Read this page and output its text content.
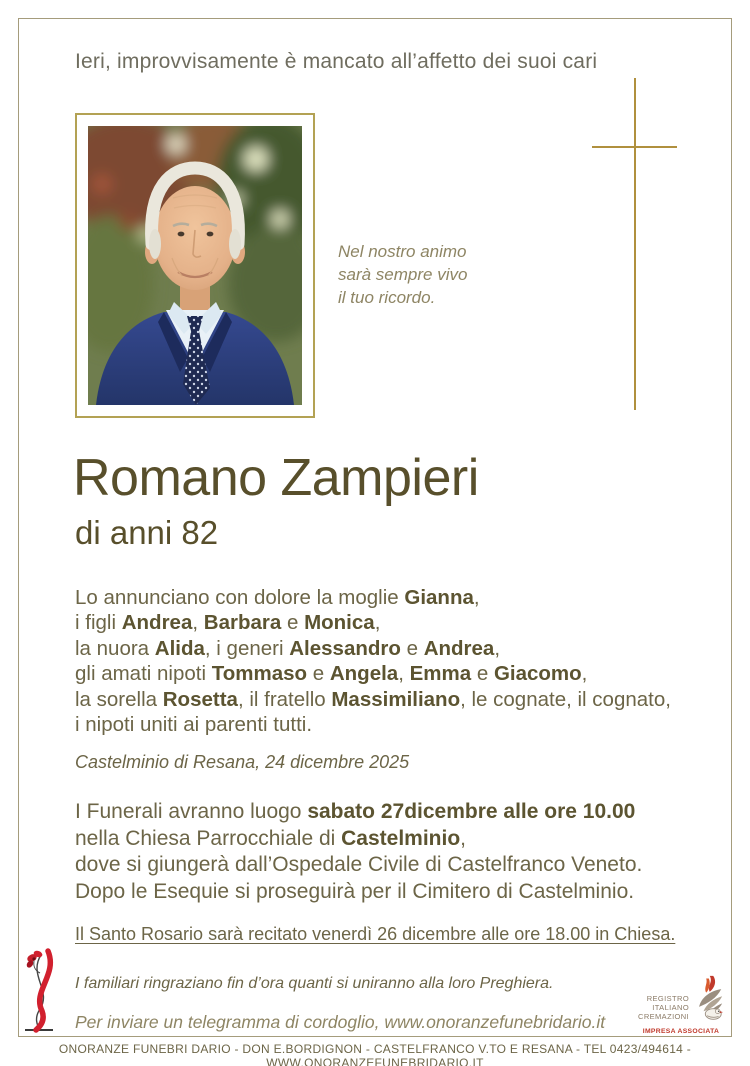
Ieri, improvvisamente è mancato all’affetto dei suoi cari
Nel nostro animo
sarà sempre vivo
il tuo ricordo.
Romano Zampieri
di anni 82
Lo annunciano con dolore la moglie Gianna,
i figli Andrea, Barbara e Monica,
la nuora Alida, i generi Alessandro e Andrea,
gli amati nipoti Tommaso e Angela, Emma e Giacomo,
la sorella Rosetta, il fratello Massimiliano, le cognate, il cognato,
i nipoti uniti ai parenti tutti.
Castelminio di Resana, 24 dicembre 2025
I Funerali avranno luogo sabato 27dicembre alle ore 10.00
nella Chiesa Parrocchiale di Castelminio,
dove si giungerà dall’Ospedale Civile di Castelfranco Veneto.
Dopo le Esequie si proseguirà per il Cimitero di Castelminio.
Il Santo Rosario sarà recitato venerdì 26 dicembre alle ore 18.00 in Chiesa.
I familiari ringraziano fin d’ora quanti si uniranno alla loro Preghiera.
Per inviare un telegramma di cordoglio, www.onoranzefunebridario.it
REGISTRO
ITALIANO
CREMAZIONI
IMPRESA ASSOCIATA
ONORANZE FUNEBRI DARIO - DON E.BORDIGNON - CASTELFRANCO V.TO E RESANA - TEL 0423/494614 - WWW.ONORANZEFUNEBRIDARIO.IT
